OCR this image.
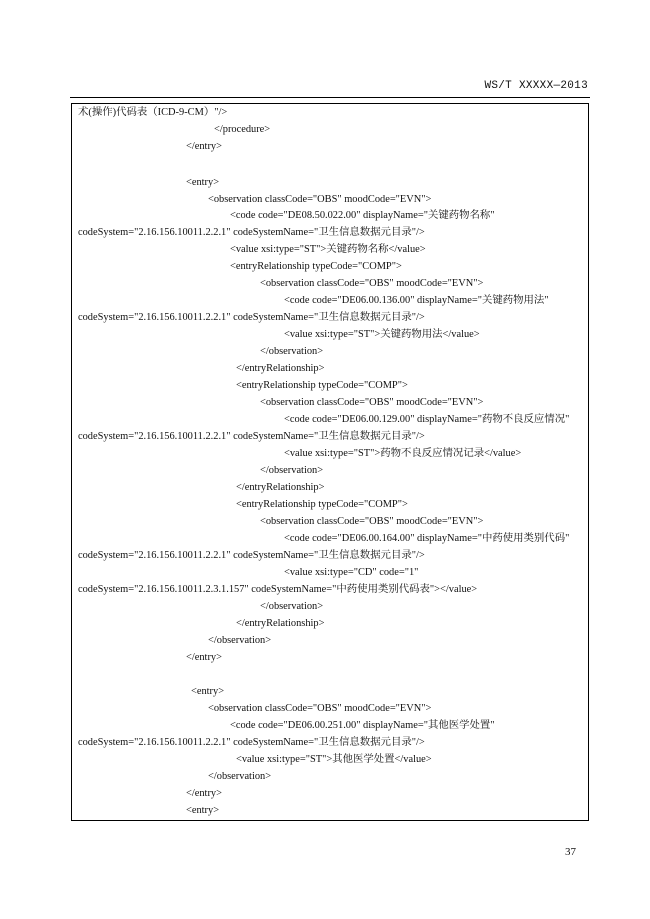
WS/T XXXXX—2013
术(操作)代码表（ICD-9-CM）"/>
</procedure>
</entry>
<entry>
<observation classCode="OBS" moodCode="EVN">
<code code="DE08.50.022.00" displayName="关键药物名称"
codeSystem="2.16.156.10011.2.2.1" codeSystemName="卫生信息数据元目录"/>
<value xsi:type="ST">关键药物名称</value>
<entryRelationship typeCode="COMP">
<observation classCode="OBS" moodCode="EVN">
<code code="DE06.00.136.00" displayName="关键药物用法"
codeSystem="2.16.156.10011.2.2.1" codeSystemName="卫生信息数据元目录"/>
<value xsi:type="ST">关键药物用法</value>
</observation>
</entryRelationship>
<entryRelationship typeCode="COMP">
<observation classCode="OBS" moodCode="EVN">
<code code="DE06.00.129.00" displayName="药物不良反应情况"
codeSystem="2.16.156.10011.2.2.1" codeSystemName="卫生信息数据元目录"/>
<value xsi:type="ST">药物不良反应情况记录</value>
</observation>
</entryRelationship>
<entryRelationship typeCode="COMP">
<observation classCode="OBS" moodCode="EVN">
<code code="DE06.00.164.00" displayName="中药使用类别代码"
codeSystem="2.16.156.10011.2.2.1" codeSystemName="卫生信息数据元目录"/>
<value xsi:type="CD" code="1"
codeSystem="2.16.156.10011.2.3.1.157" codeSystemName="中药使用类别代码表"></value>
</observation>
</entryRelationship>
</observation>
</entry>
<entry>
<observation classCode="OBS" moodCode="EVN">
<code code="DE06.00.251.00" displayName="其他医学处置"
codeSystem="2.16.156.10011.2.2.1" codeSystemName="卫生信息数据元目录"/>
<value xsi:type="ST">其他医学处置</value>
</observation>
</entry>
<entry>
37
